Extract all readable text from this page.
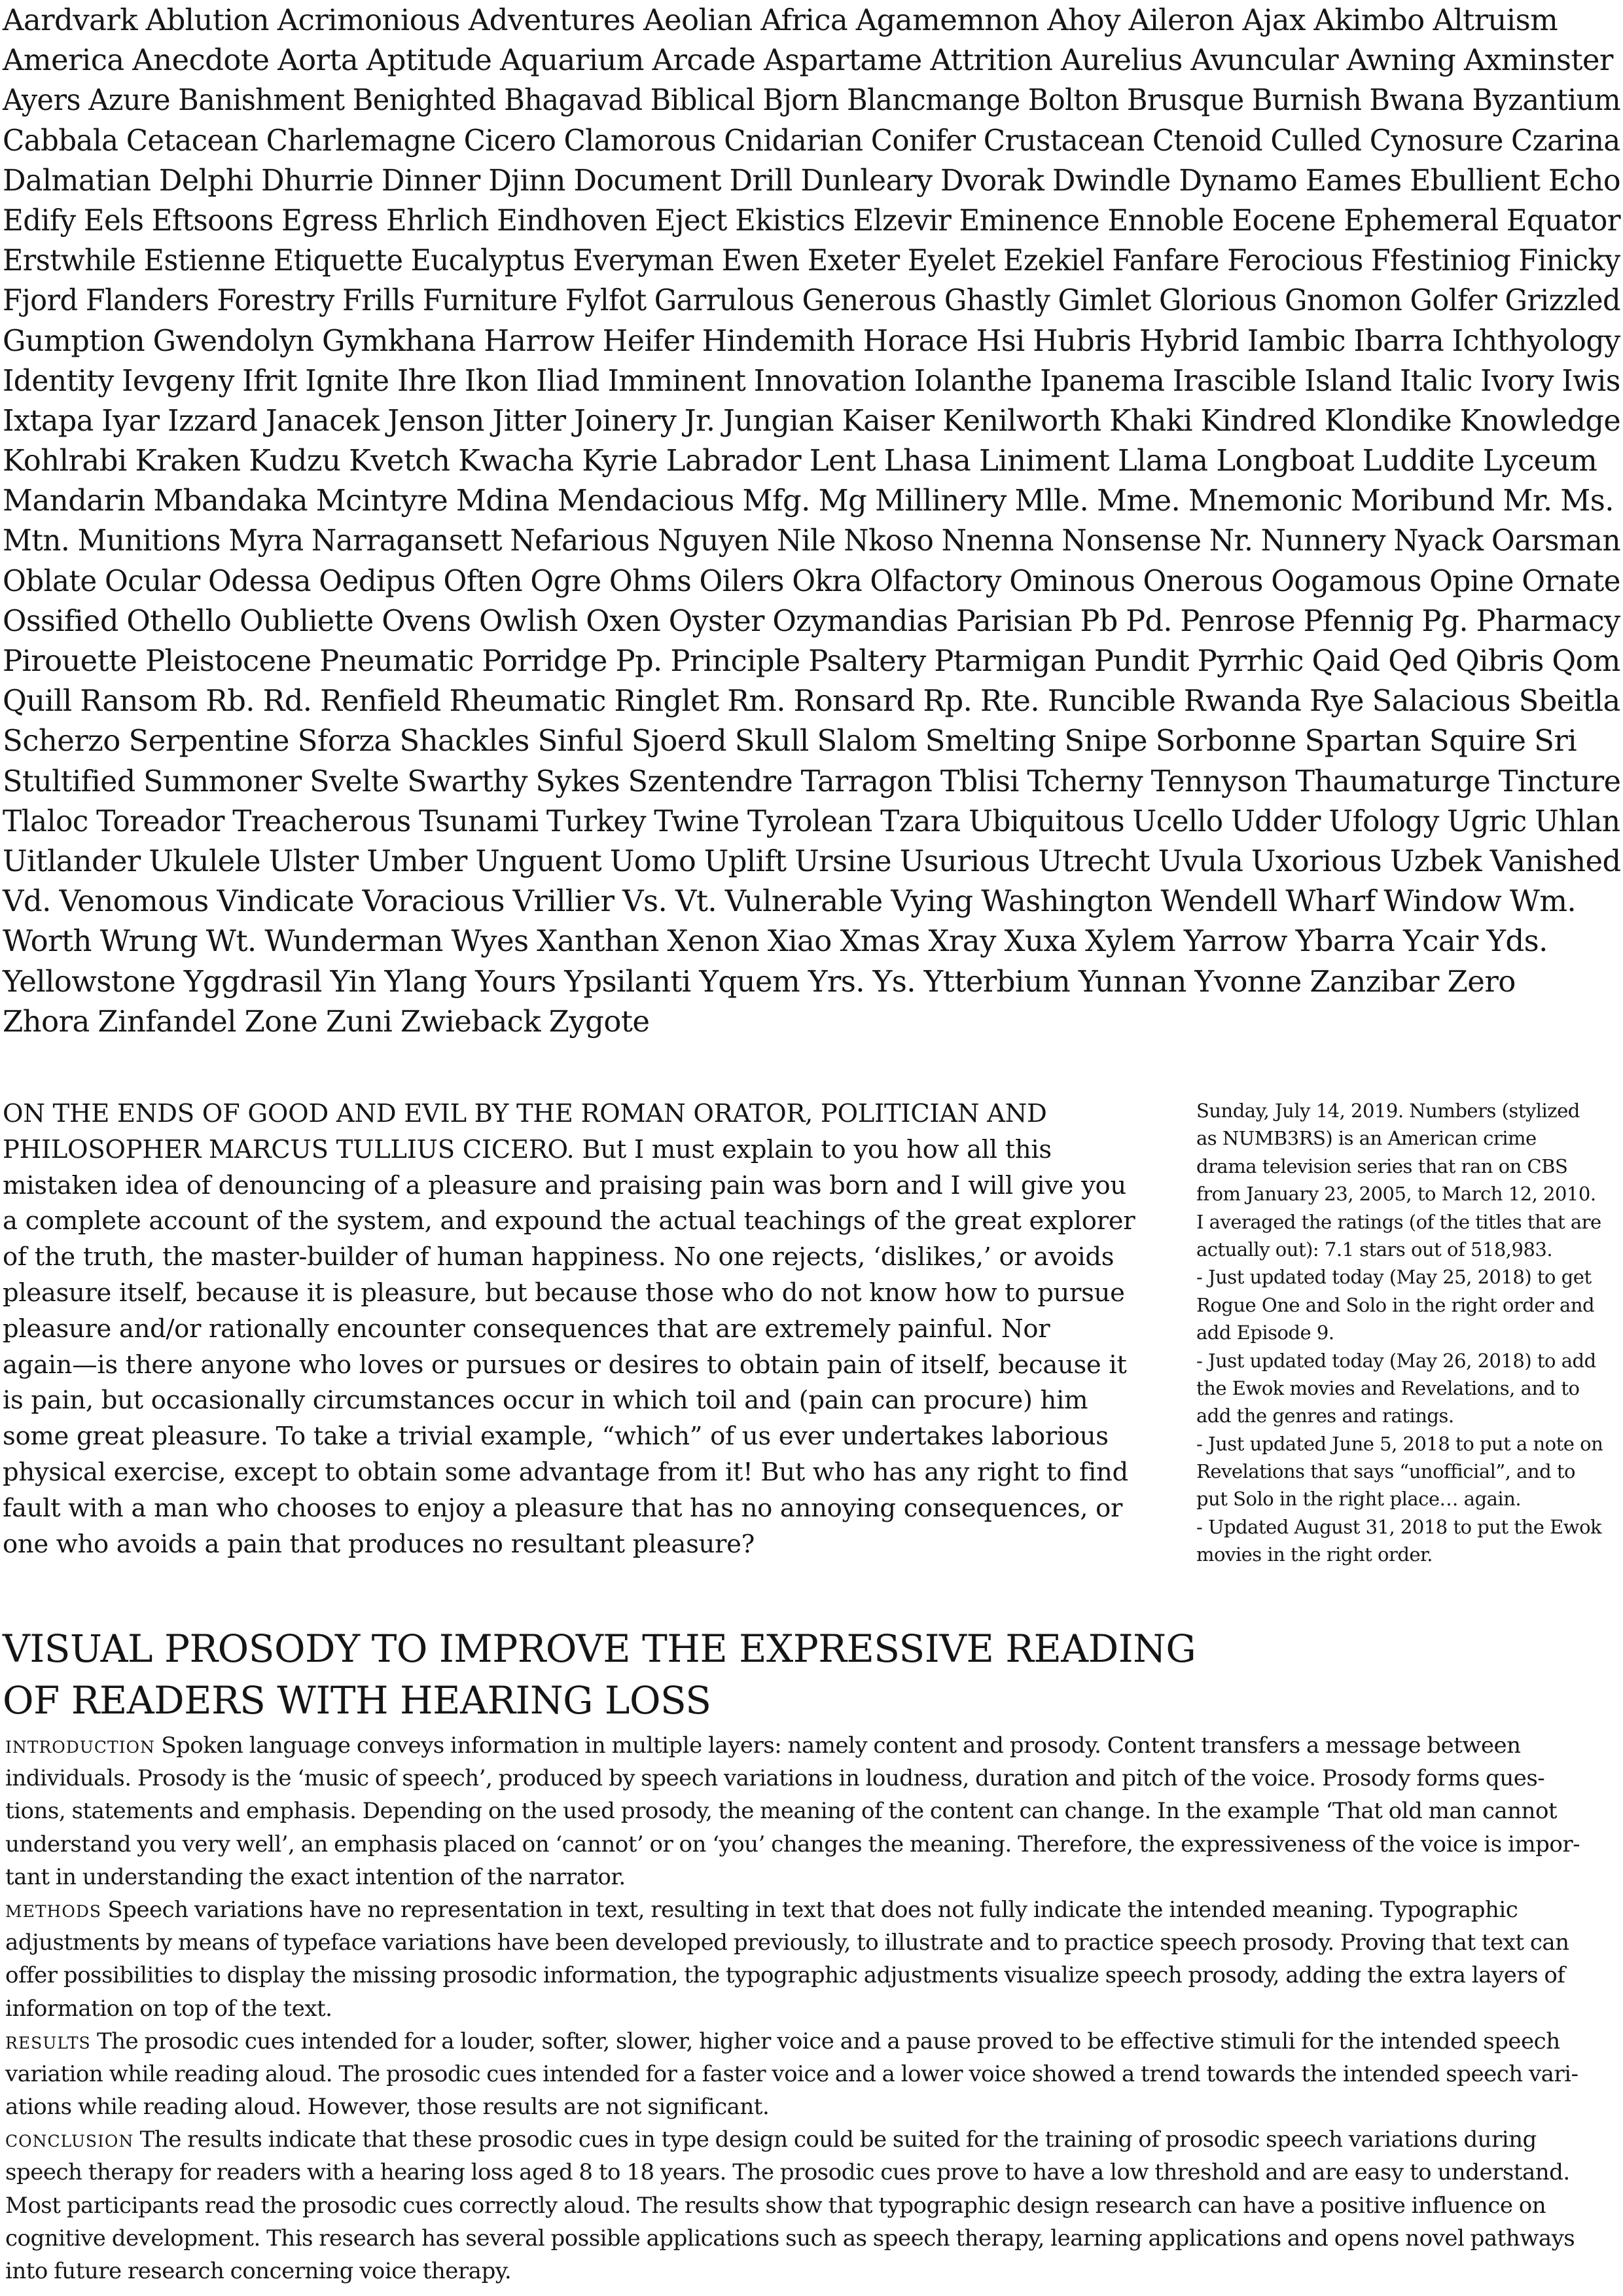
Aardvark Ablution Acrimonious Adventures Aeolian Africa Agamemnon Ahoy Aileron Ajax Akimbo Altruism
America Anecdote Aorta Aptitude Aquarium Arcade Aspartame Attrition Aurelius Avuncular Awning Axminster
Ayers Azure Banishment Benighted Bhagavad Biblical Bjorn Blancmange Bolton Brusque Burnish Bwana Byzantium
Cabbala Cetacean Charlemagne Cicero Clamorous Cnidarian Conifer Crustacean Ctenoid Culled Cynosure Czarina
Dalmatian Delphi Dhurrie Dinner Djinn Document Drill Dunleary Dvorak Dwindle Dynamo Eames Ebullient Echo
Edify Eels Eftsoons Egress Ehrlich Eindhoven Eject Ekistics Elzevir Eminence Ennoble Eocene Ephemeral Equator
Erstwhile Estienne Etiquette Eucalyptus Everyman Ewen Exeter Eyelet Ezekiel Fanfare Ferocious Ffestiniog Finicky
Fjord Flanders Forestry Frills Furniture Fylfot Garrulous Generous Ghastly Gimlet Glorious Gnomon Golfer Grizzled
Gumption Gwendolyn Gymkhana Harrow Heifer Hindemith Horace Hsi Hubris Hybrid Iambic Ibarra Ichthyology
Identity Ievgeny Ifrit Ignite Ihre Ikon Iliad Imminent Innovation Iolanthe Ipanema Irascible Island Italic Ivory Iwis
Ixtapa Iyar Izzard Janacek Jenson Jitter Joinery Jr. Jungian Kaiser Kenilworth Khaki Kindred Klondike Knowledge
Kohlrabi Kraken Kudzu Kvetch Kwacha Kyrie Labrador Lent Lhasa Liniment Llama Longboat Luddite Lyceum
Mandarin Mbandaka Mcintyre Mdina Mendacious Mfg. Mg Millinery Mlle. Mme. Mnemonic Moribund Mr. Ms.
Mtn. Munitions Myra Narragansett Nefarious Nguyen Nile Nkoso Nnenna Nonsense Nr. Nunnery Nyack Oarsman
Oblate Ocular Odessa Oedipus Often Ogre Ohms Oilers Okra Olfactory Ominous Onerous Oogamous Opine Ornate
Ossified Othello Oubliette Ovens Owlish Oxen Oyster Ozymandias Parisian Pb Pd. Penrose Pfennig Pg. Pharmacy
Pirouette Pleistocene Pneumatic Porridge Pp. Principle Psaltery Ptarmigan Pundit Pyrrhic Qaid Qed Qibris Qom
Quill Ransom Rb. Rd. Renfield Rheumatic Ringlet Rm. Ronsard Rp. Rte. Runcible Rwanda Rye Salacious Sbeitla
Scherzo Serpentine Sforza Shackles Sinful Sjoerd Skull Slalom Smelting Snipe Sorbonne Spartan Squire Sri
Stultified Summoner Svelte Swarthy Sykes Szentendre Tarragon Tblisi Tcherny Tennyson Thaumaturge Tincture
Tlaloc Toreador Treacherous Tsunami Turkey Twine Tyrolean Tzara Ubiquitous Ucello Udder Ufology Ugric Uhlan
Uitlander Ukulele Ulster Umber Unguent Uomo Uplift Ursine Usurious Utrecht Uvula Uxorious Uzbek Vanished
Vd. Venomous Vindicate Voracious Vrillier Vs. Vt. Vulnerable Vying Washington Wendell Wharf Window Wm.
Worth Wrung Wt. Wunderman Wyes Xanthan Xenon Xiao Xmas Xray Xuxa Xylem Yarrow Ybarra Ycair Yds.
Yellowstone Yggdrasil Yin Ylang Yours Ypsilanti Yquem Yrs. Ys. Ytterbium Yunnan Yvonne Zanzibar Zero
Zhora Zinfandel Zone Zuni Zwieback Zygote
ON THE ENDS OF GOOD AND EVIL BY THE ROMAN ORATOR, POLITICIAN AND
PHILOSOPHER MARCUS TULLIUS CICERO. But I must explain to you how all this
mistaken idea of denouncing of a pleasure and praising pain was born and I will give you
a complete account of the system, and expound the actual teachings of the great explorer
of the truth, the master-builder of human happiness. No one rejects, ‘dislikes,’ or avoids
pleasure itself, because it is pleasure, but because those who do not know how to pursue
pleasure and/or rationally encounter consequences that are extremely painful. Nor
again—is there anyone who loves or pursues or desires to obtain pain of itself, because it
is pain, but occasionally circumstances occur in which toil and (pain can procure) him
some great pleasure. To take a trivial example, “which” of us ever undertakes laborious
physical exercise, except to obtain some advantage from it! But who has any right to find
fault with a man who chooses to enjoy a pleasure that has no annoying consequences, or
one who avoids a pain that produces no resultant pleasure?
Sunday, July 14, 2019. Numbers (stylized
as NUMB3RS) is an American crime
drama television series that ran on CBS
from January 23, 2005, to March 12, 2010.
I averaged the ratings (of the titles that are
actually out): 7.1 stars out of 518,983.
- Just updated today (May 25, 2018) to get
Rogue One and Solo in the right order and
add Episode 9.
- Just updated today (May 26, 2018) to add
the Ewok movies and Revelations, and to
add the genres and ratings.
- Just updated June 5, 2018 to put a note on
Revelations that says “unofficial”, and to
put Solo in the right place… again.
- Updated August 31, 2018 to put the Ewok
movies in the right order.
VISUAL PROSODY TO IMPROVE THE EXPRESSIVE READING
OF READERS WITH HEARING LOSS
INTRODUCTION Spoken language conveys information in multiple layers: namely content and prosody. Content transfers a message between
individuals. Prosody is the ‘music of speech’, produced by speech variations in loudness, duration and pitch of the voice. Prosody forms ques-
tions, statements and emphasis. Depending on the used prosody, the meaning of the content can change. In the example ‘That old man cannot
understand you very well’, an emphasis placed on ‘cannot’ or on ‘you’ changes the meaning. Therefore, the expressiveness of the voice is impor-
tant in understanding the exact intention of the narrator.
METHODS Speech variations have no representation in text, resulting in text that does not fully indicate the intended meaning. Typographic
adjustments by means of typeface variations have been developed previously, to illustrate and to practice speech prosody. Proving that text can
offer possibilities to display the missing prosodic information, the typographic adjustments visualize speech prosody, adding the extra layers of
information on top of the text.
RESULTS The prosodic cues intended for a louder, softer, slower, higher voice and a pause proved to be effective stimuli for the intended speech
variation while reading aloud. The prosodic cues intended for a faster voice and a lower voice showed a trend towards the intended speech vari-
ations while reading aloud. However, those results are not significant.
CONCLUSION The results indicate that these prosodic cues in type design could be suited for the training of prosodic speech variations during
speech therapy for readers with a hearing loss aged 8 to 18 years. The prosodic cues prove to have a low threshold and are easy to understand.
Most participants read the prosodic cues correctly aloud. The results show that typographic design research can have a positive influence on
cognitive development. This research has several possible applications such as speech therapy, learning applications and opens novel pathways
into future research concerning voice therapy.
